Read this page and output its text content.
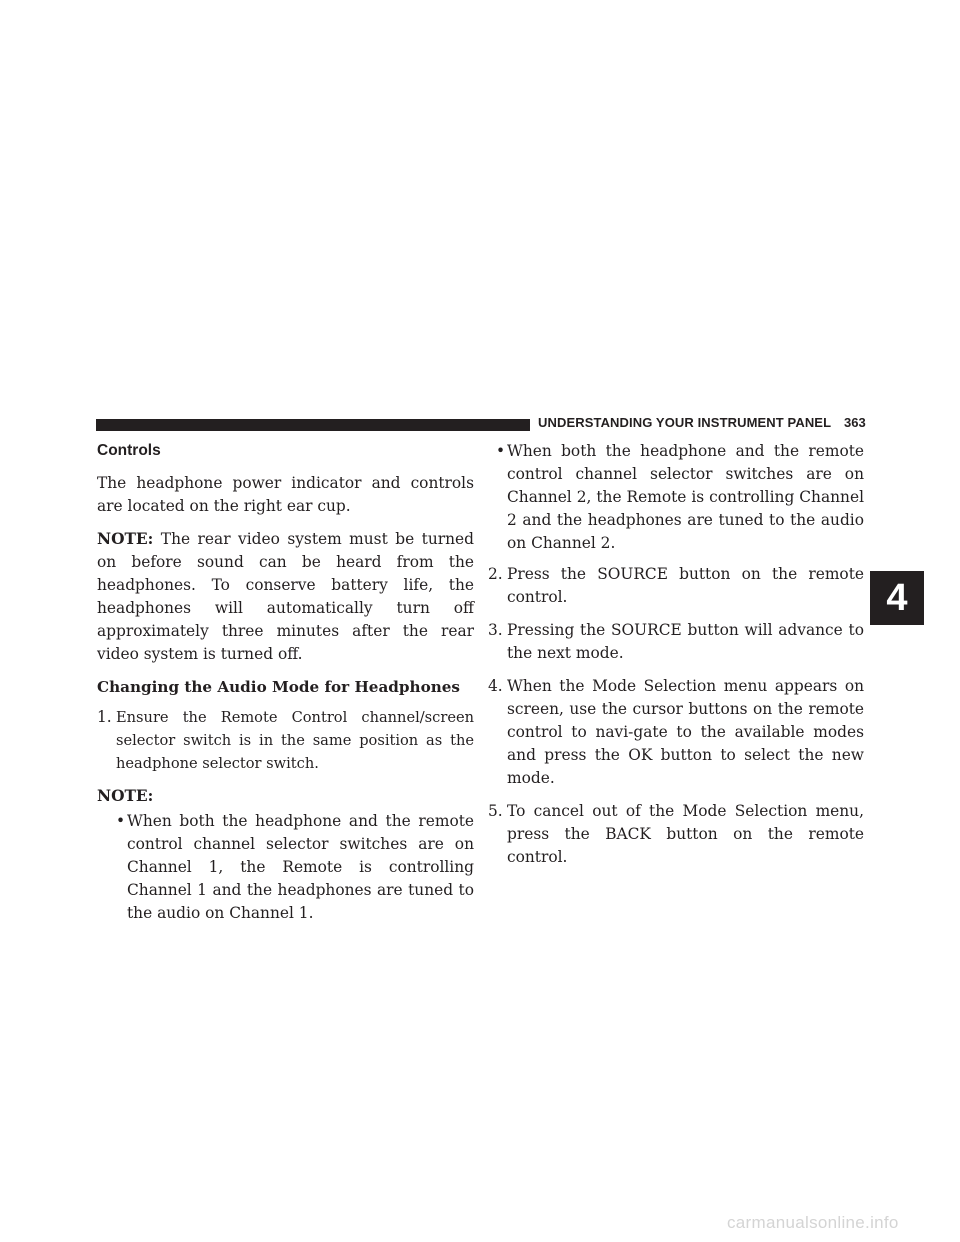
UNDERSTANDING YOUR INSTRUMENT PANEL 363
4
Controls

The headphone power indicator and controls are located on the right ear cup.

NOTE: The rear video system must be turned on before sound can be heard from the headphones. To conserve battery life, the headphones will automatically turn off approximately three minutes after the rear video system is turned off.

Changing the Audio Mode for Headphones
1. Ensure the Remote Control channel/screen selector switch is in the same position as the headphone selector switch.

NOTE:

• When both the headphone and the remote control channel selector switches are on Channel 1, the Remote is controlling Channel 1 and the headphones are tuned to the audio on Channel 1.
• When both the headphone and the remote control channel selector switches are on Channel 2, the Remote is controlling Channel 2 and the headphones are tuned to the audio on Channel 2.
2. Press the SOURCE button on the remote control.
3. Pressing the SOURCE button will advance to the next mode.
4. When the Mode Selection menu appears on screen, use the cursor buttons on the remote control to navi-gate to the available modes and press the OK button to select the new mode.
5. To cancel out of the Mode Selection menu, press the BACK button on the remote control.
carmanualsonline.info
